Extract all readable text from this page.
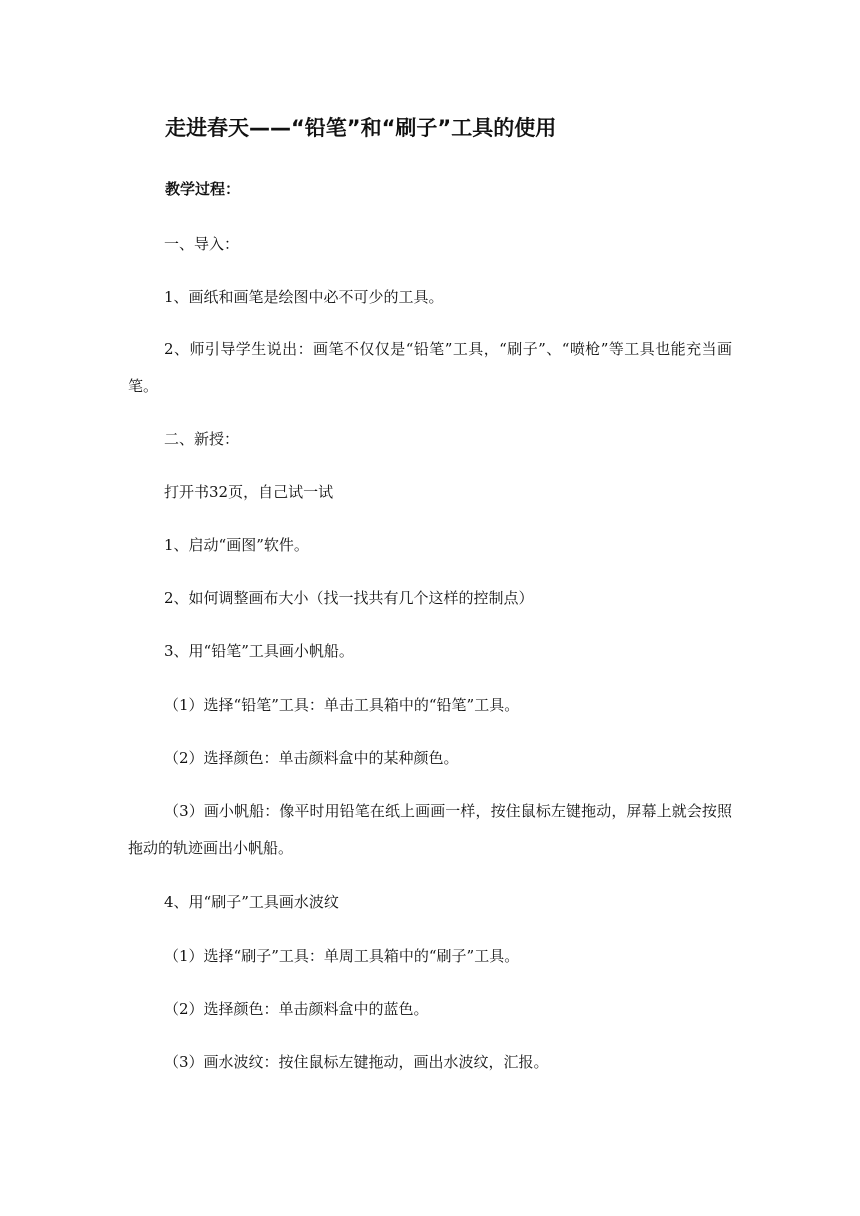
走进春天——“铅笔”和“刷子”工具的使用
教学过程：
一、导入：
1、画纸和画笔是绘图中必不可少的工具。
2、师引导学生说出：画笔不仅仅是“铅笔”工具，“刷子”、“喷枪”等工具也能充当画笔。
二、新授：
打开书32页，自己试一试
1、启动“画图”软件。
2、如何调整画布大小（找一找共有几个这样的控制点）
3、用“铅笔”工具画小帆船。
（1）选择“铅笔”工具：单击工具箱中的“铅笔”工具。
（2）选择颜色：单击颜料盒中的某种颜色。
（3）画小帆船：像平时用铅笔在纸上画画一样，按住鼠标左键拖动，屏幕上就会按照拖动的轨迹画出小帆船。
4、用“刷子”工具画水波纹
（1）选择“刷子”工具：单周工具箱中的“刷子”工具。
（2）选择颜色：单击颜料盒中的蓝色。
（3）画水波纹：按住鼠标左键拖动，画出水波纹，汇报。
